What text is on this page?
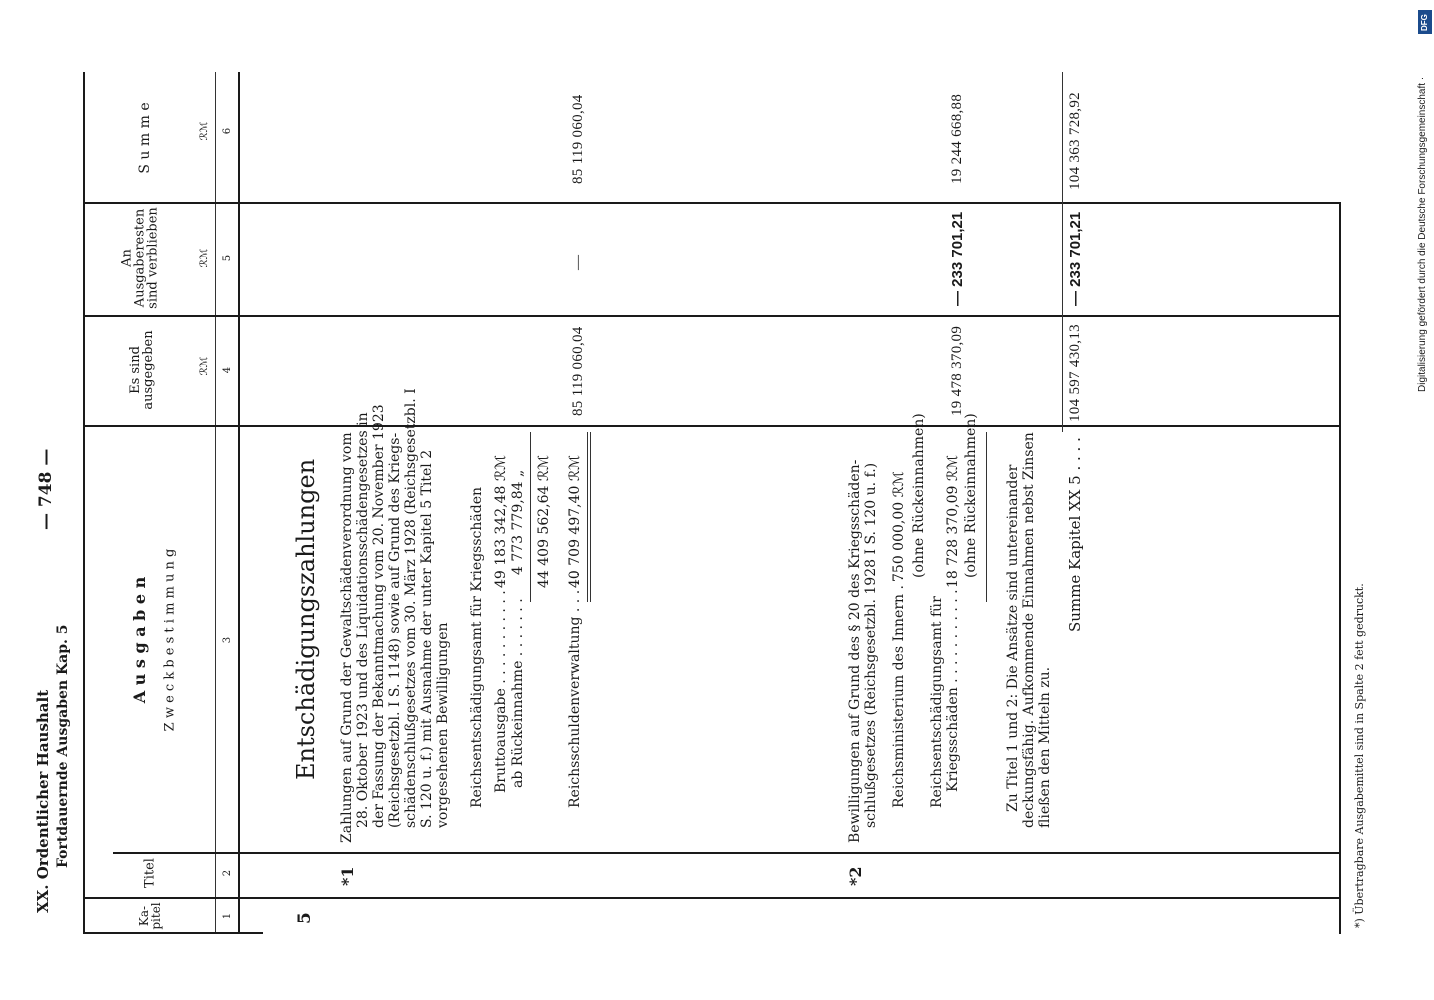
XX. Ordentlicher Haushalt Fortdauernde Ausgaben Kap. 5
— 748 —
Ka-
pitel
Titel
A u s g a b e n Z w e c k b e s t i m m u n g
Es sind
ausgegeben
An
Ausgaberesten
sind verblieben
S u m m e
ℛℳ
ℛℳ
ℛℳ
1
2
3
4
5
6
5
Entschädigungszahlungen
*1
Zahlungen auf Grund der Gewaltschädenverordnung vom 28. Oktober 1923 und des Liquidationsschädengesetzes in der Fassung der Bekanntmachung vom 20. November 1923 (Reichsgesetzbl. I S. 1148) sowie auf Grund des Kriegs- schädenschlußgesetzes vom 30. März 1928 (Reichsgesetzbl. I S. 120 u. f.) mit Ausnahme der unter Kapitel 5 Titel 2 vorgesehenen Bewilligungen Reichsentschädigungsamt für Kriegsschäden Bruttoausgabe . . . . . . . . . . .
49 183 342,48 ℛℳ
ab Rückeinnahme . . . . . . .
4 773 779,84 „ 44 409 562,64 ℛℳ
Reichsschuldenverwaltung . . . . .
40 709 497,40 ℛℳ
85 119 060,04
—
85 119 060,04
*2
Bewilligungen auf Grund des § 20 des Kriegsschäden- schlußgesetzes (Reichsgesetzbl. 1928 I S. 120 u. f.) Reichsministerium des Innern . .
750 000,00 ℛℳ (ohne Rückeinnahmen)
Reichsentschädigungsamt für Kriegsschäden . . . . . . . . . . .
18 728 370,09 ℛℳ (ohne Rückeinnahmen) Zu Titel 1 und 2: Die Ansätze sind untereinander deckungsfähig. Aufkommende Einnahmen nebst Zinsen fließen den Mitteln zu.
19 478 370,09
— 233 701,21
19 244 668,88
Summe Kapitel XX 5 . . . .
104 597 430,13
— 233 701,21
104 363 728,92
*) Übertragbare Ausgabemittel sind in Spalte 2 fett gedruckt.
Digitalisierung gefördert durch die Deutsche Forschungsgemeinschaft ·
DFG
